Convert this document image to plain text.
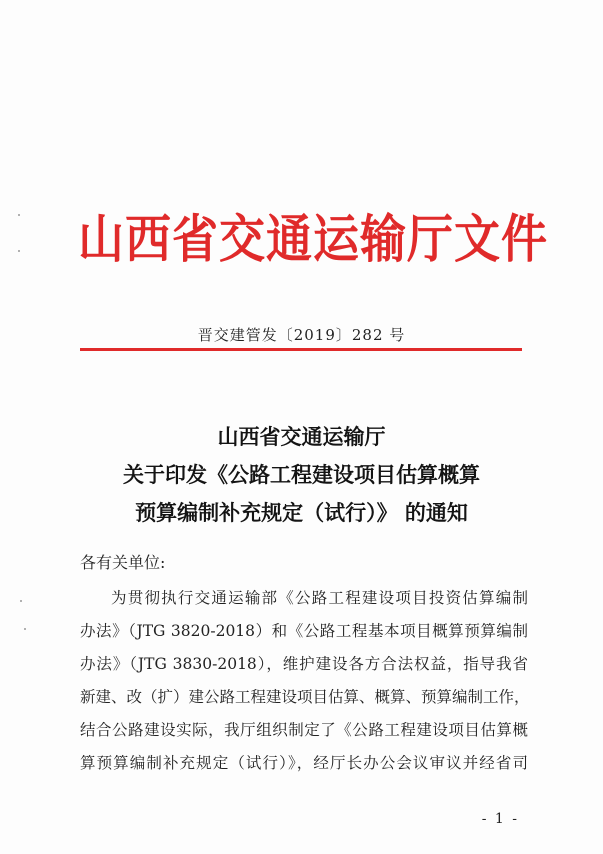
山西省交通运输厅文件
晋交建管发〔2019〕282 号
山西省交通运输厅
关于印发《公路工程建设项目估算概算
预算编制补充规定（试行）》 的通知
各有关单位:
为贯彻执行交通运输部《公路工程建设项目投资估算编制
办法》（JTG 3820-2018）和《公路工程基本项目概算预算编制
办法》（JTG 3830-2018），维护建设各方合法权益，指导我省
新建、改（扩）建公路工程建设项目估算、概算、预算编制工作，
结合公路建设实际，我厅组织制定了《公路工程建设项目估算概
算预算编制补充规定（试行）》，经厅长办公会议审议并经省司
- 1 -
